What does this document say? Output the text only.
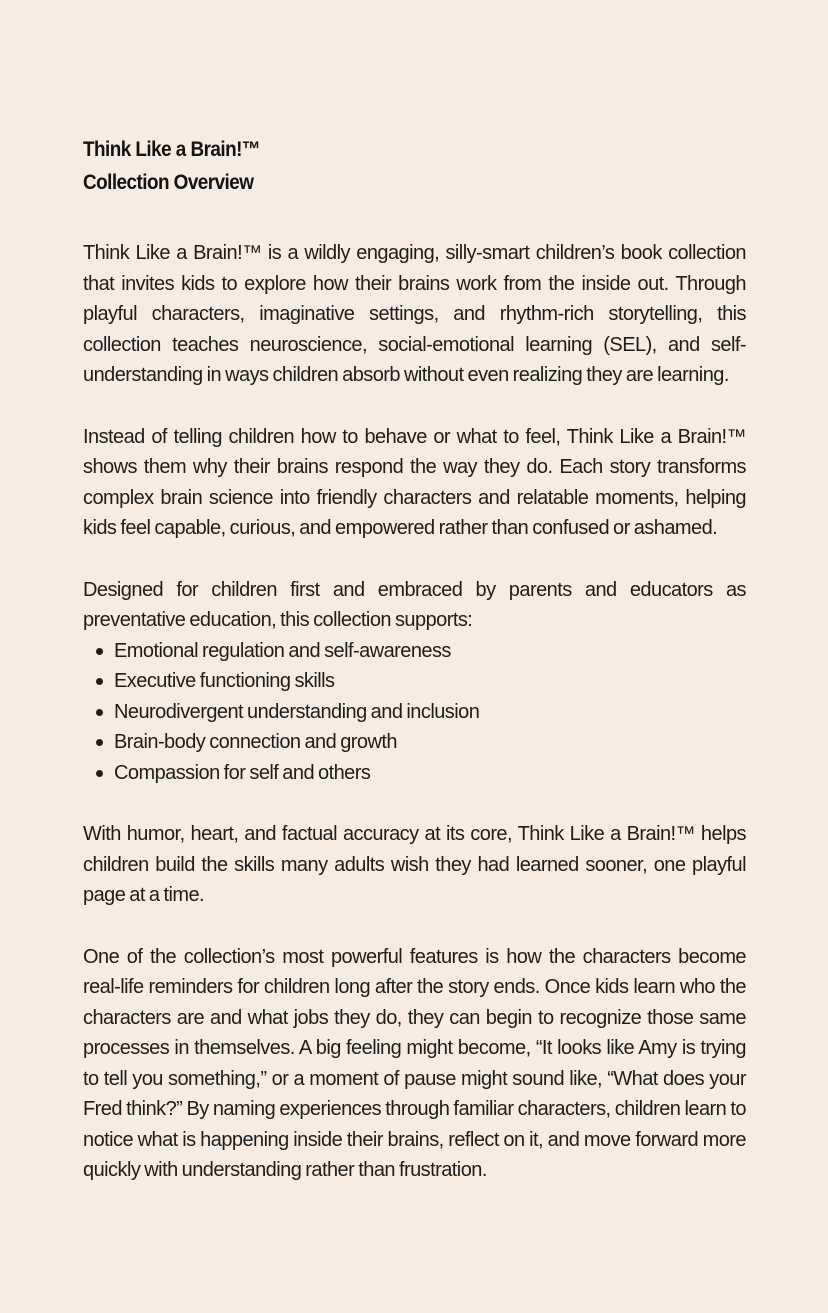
Think Like a Brain!™
Collection Overview

Think Like a Brain!™ is a wildly engaging, silly-smart children’s book collection that invites kids to explore how their brains work from the inside out. Through playful characters, imaginative settings, and rhythm-rich storytelling, this collection teaches neuroscience, social-emotional learning (SEL), and self-understanding in ways children absorb without even realizing they are learning.

Instead of telling children how to behave or what to feel, Think Like a Brain!™ shows them why their brains respond the way they do. Each story transforms complex brain science into friendly characters and relatable moments, helping kids feel capable, curious, and empowered rather than confused or ashamed.

Designed for children first and embraced by parents and educators as preventative education, this collection supports:

Emotional regulation and self-awareness
Executive functioning skills
Neurodivergent understanding and inclusion
Brain-body connection and growth
Compassion for self and others

With humor, heart, and factual accuracy at its core, Think Like a Brain!™ helps children build the skills many adults wish they had learned sooner, one playful page at a time.

One of the collection’s most powerful features is how the characters become real-life reminders for children long after the story ends. Once kids learn who the characters are and what jobs they do, they can begin to recognize those same processes in themselves. A big feeling might become, “It looks like Amy is trying to tell you something,” or a moment of pause might sound like, “What does your Fred think?” By naming experiences through familiar characters, children learn to notice what is happening inside their brains, reflect on it, and move forward more quickly with understanding rather than frustration.
